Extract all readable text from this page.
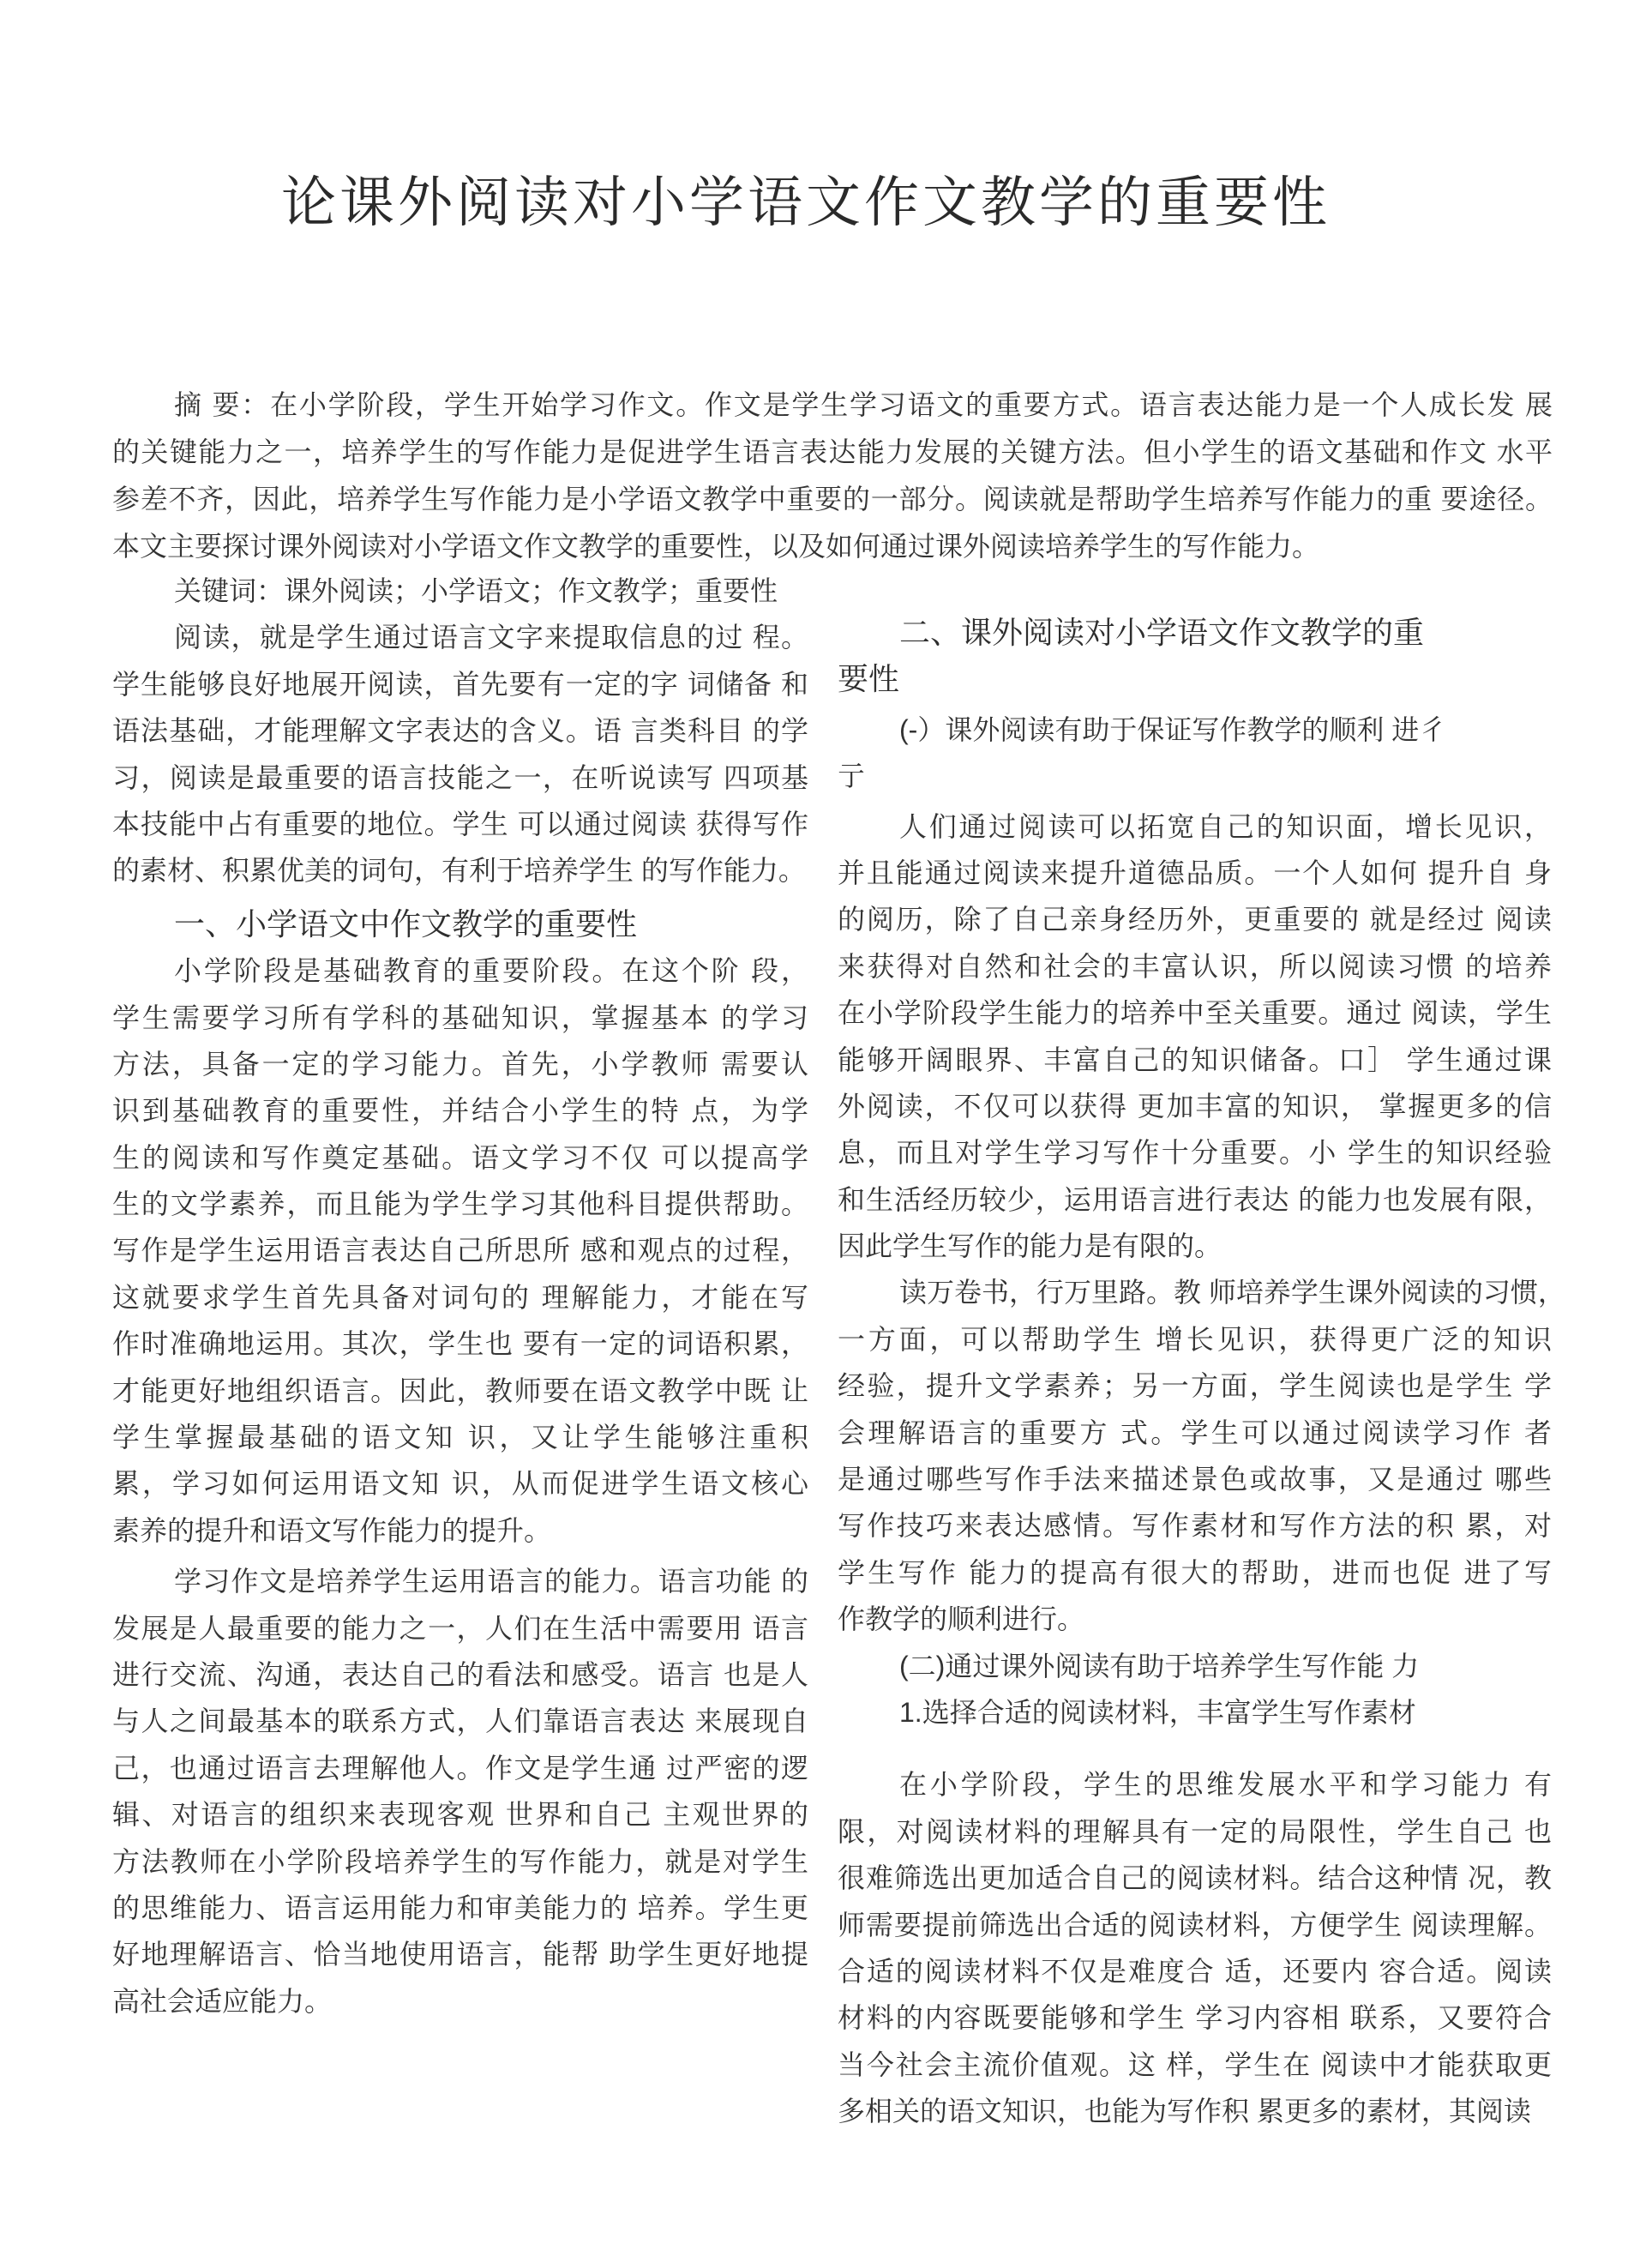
论课外阅读对小学语文作文教学的重要性
摘 要：在小学阶段，学生开始学习作文。作文是学生学习语文的重要方式。语言表达能力是一个人成长发 展
的关键能力之一，培养学生的写作能力是促进学生语言表达能力发展的关键方法。但小学生的语文基础和作文 水平
参差不齐，因此，培养学生写作能力是小学语文教学中重要的一部分。阅读就是帮助学生培养写作能力的重 要途径。
本文主要探讨课外阅读对小学语文作文教学的重要性，以及如何通过课外阅读培养学生的写作能力。
关键词：课外阅读；小学语文；作文教学；重要性
阅读，就是学生通过语言文字来提取信息的过 程。
学生能够良好地展开阅读，首先要有一定的字 词储备 和
语法基础，才能理解文字表达的含义。语 言类科目 的学
习，阅读是最重要的语言技能之一，在听说读写 四项基
本技能中占有重要的地位。学生 可以通过阅读 获得写作
的素材、积累优美的词句，有利于培养学生 的写作能力。
一、小学语文中作文教学的重要性
小学阶段是基础教育的重要阶段。在这个阶 段，
学生需要学习所有学科的基础知识，掌握基本 的学习
方法，具备一定的学习能力。首先，小学教师 需要认
识到基础教育的重要性，并结合小学生的特 点，为学
生的阅读和写作奠定基础。语文学习不仅 可以提高学
生的文学素养，而且能为学生学习其他科目提供帮助。
写作是学生运用语言表达自己所思所 感和观点的过程，
这就要求学生首先具备对词句的 理解能力，才能在写
作时准确地运用。其次，学生也 要有一定的词语积累，
才能更好地组织语言。因此，教师要在语文教学中既 让
学生掌握最基础的语文知 识，又让学生能够注重积
累，学习如何运用语文知 识，从而促进学生语文核心
素养的提升和语文写作能力的提升。
学习作文是培养学生运用语言的能力。语言功能 的
发展是人最重要的能力之一，人们在生活中需要用 语言
进行交流、沟通，表达自己的看法和感受。语言 也是人
与人之间最基本的联系方式，人们靠语言表达 来展现自
己，也通过语言去理解他人。作文是学生通 过严密的逻
辑、对语言的组织来表现客观 世界和自己 主观世界的
方法教师在小学阶段培养学生的写作能力，就是对学生
的思维能力、语言运用能力和审美能力的 培养。学生更
好地理解语言、恰当地使用语言，能帮 助学生更好地提
高社会适应能力。
二、课外阅读对小学语文作文教学的重
要性
(-）课外阅读有助于保证写作教学的顺利 进彳
亍
人们通过阅读可以拓宽自己的知识面，增长见识，
并且能通过阅读来提升道德品质。一个人如何 提升自 身
的阅历，除了自己亲身经历外，更重要的 就是经过 阅读
来获得对自然和社会的丰富认识，所以阅读习惯 的培养
在小学阶段学生能力的培养中至关重要。通过 阅读，学生
能够开阔眼界、丰富自己的知识储备。口］ 学生通过课
外阅读，不仅可以获得 更加丰富的知识， 掌握更多的信
息，而且对学生学习写作十分重要。小 学生的知识经验
和生活经历较少，运用语言进行表达 的能力也发展有限，
因此学生写作的能力是有限的。
读万卷书，行万里路。教 师培养学生课外阅读的习惯，
一方面，可以帮助学生 增长见识，获得更广泛的知识
经验，提升文学素养；另一方面，学生阅读也是学生 学
会理解语言的重要方 式。学生可以通过阅读学习作 者
是通过哪些写作手法来描述景色或故事，又是通过 哪些
写作技巧来表达感情。写作素材和写作方法的积 累，对
学生写作 能力的提高有很大的帮助，进而也促 进了写
作教学的顺利进行。
(二)通过课外阅读有助于培养学生写作能 力
1.选择合适的阅读材料，丰富学生写作素材
在小学阶段，学生的思维发展水平和学习能力 有
限，对阅读材料的理解具有一定的局限性，学生自己 也
很难筛选出更加适合自己的阅读材料。结合这种情 况，教
师需要提前筛选出合适的阅读材料，方便学生 阅读理解。
合适的阅读材料不仅是难度合 适，还要内 容合适。阅读
材料的内容既要能够和学生 学习内容相 联系，又要符合
当今社会主流价值观。这 样，学生在 阅读中才能获取更
多相关的语文知识，也能为写作积 累更多的素材，其阅读
